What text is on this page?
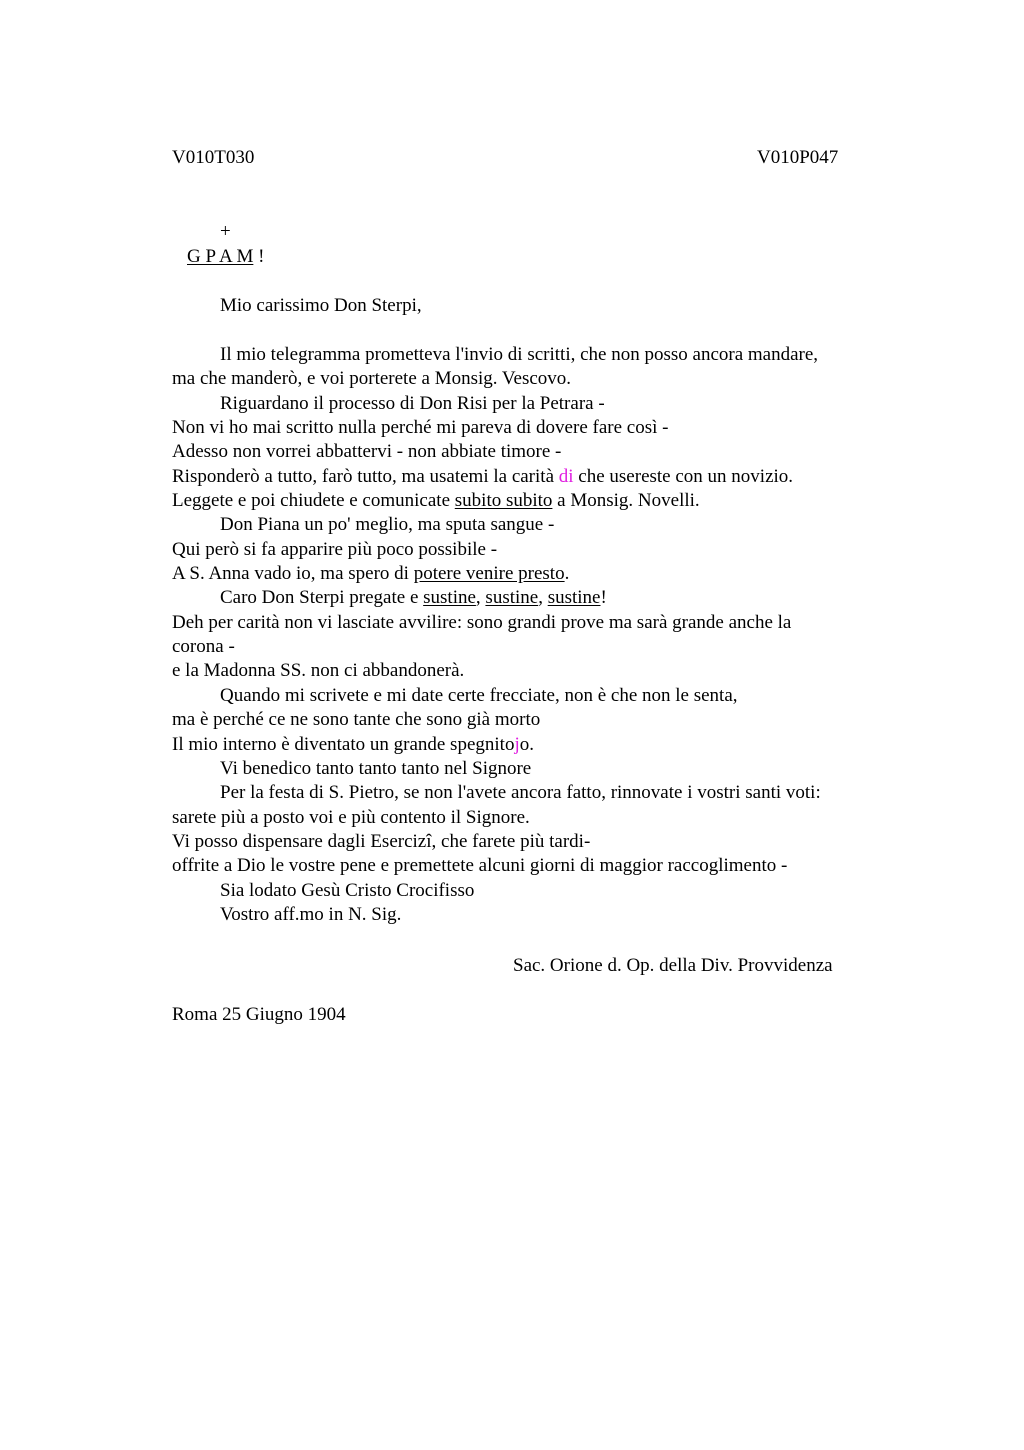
V010T030	V010P047
+
G P A M !
Mio carissimo Don Sterpi,
Il mio telegramma prometteva l'invio di scritti, che non posso ancora mandare,
ma che manderò, e voi porterete a Monsig. Vescovo.
Riguardano il processo di Don Risi per la Petrara -
Non vi ho mai scritto nulla perché mi pareva di dovere fare così -
Adesso non vorrei abbattervi - non abbiate timore -
Risponderò a tutto, farò tutto, ma usatemi la carità di che usereste con un novizio.
Leggete e poi chiudete e comunicate subito subito a Monsig. Novelli.
Don Piana un po' meglio, ma sputa sangue -
Qui però si fa apparire più poco possibile -
A S. Anna vado io, ma spero di potere venire presto.
Caro Don Sterpi pregate e sustine, sustine, sustine!
Deh per carità non vi lasciate avvilire: sono grandi prove ma sarà grande anche la
corona -
e la Madonna SS. non ci abbandonerà.
Quando mi scrivete e mi date certe frecciate, non è che non le senta,
ma è perché ce ne sono tante che sono già morto
Il mio interno è diventato un grande spegnitojo.
Vi benedico tanto tanto tanto nel Signore
Per la festa di S. Pietro, se non l'avete ancora fatto, rinnovate i vostri santi voti:
sarete più a posto voi e più contento il Signore.
Vi posso dispensare dagli Esercizi, che farete più tardi-
offrite a Dio le vostre pene e premettete alcuni giorni di maggior raccoglimento -
Sia lodato Gesù Cristo Crocifisso
Vostro aff.mo in N. Sig.
Sac. Orione d. Op. della Div. Provvidenza
Roma 25 Giugno 1904
